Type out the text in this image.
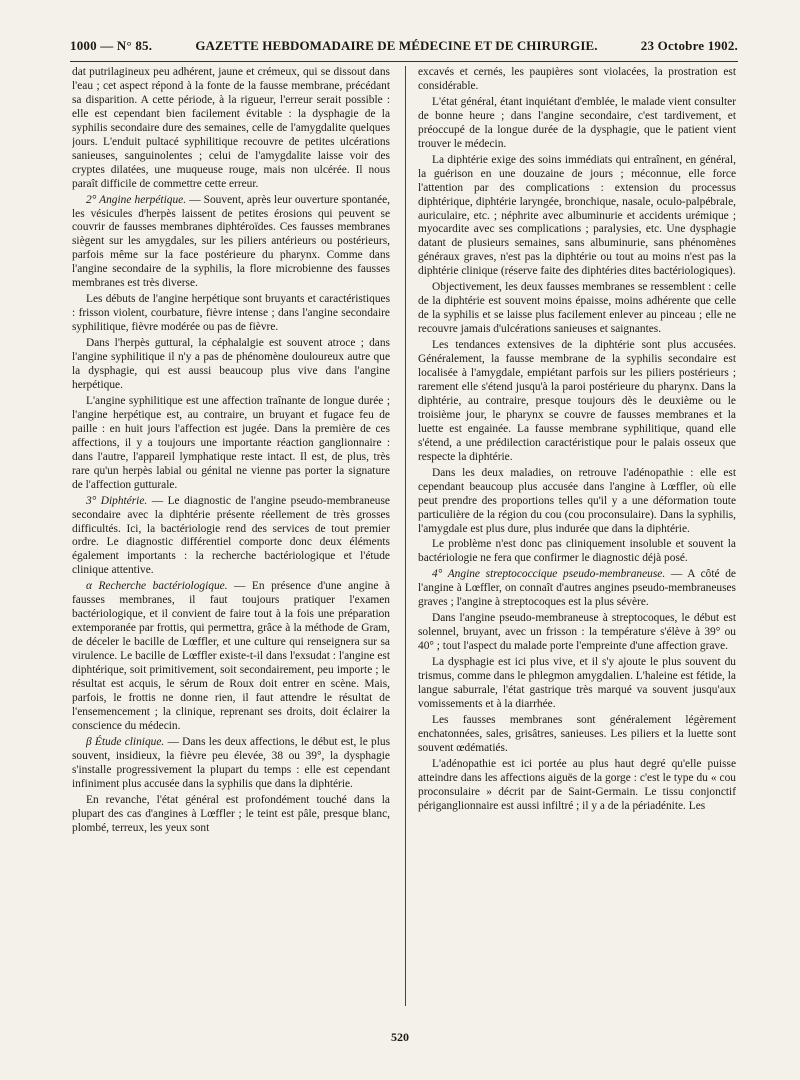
1000 — N° 85.	GAZETTE HEBDOMADAIRE DE MÉDECINE ET DE CHIRURGIE.	23 Octobre 1902.

dat putrilagineux peu adhérent, jaune et crémeux, qui se dissout dans l'eau ; cet aspect répond à la fonte de la fausse membrane, précédant sa disparition. A cette période, à la rigueur, l'erreur serait possible : elle est cependant bien facilement évitable : la dysphagie de la syphilis secondaire dure des semaines, celle de l'amygdalite quelques jours. L'enduit pultacé syphilitique recouvre de petites ulcérations sanieuses, sanguinolentes ; celui de l'amygdalite laisse voir des cryptes dilatées, une muqueuse rouge, mais non ulcérée. Il nous paraît difficile de commettre cette erreur.

2° Angine herpétique. — Souvent, après leur ouverture spontanée, les vésicules d'herpès laissent de petites érosions qui peuvent se couvrir de fausses membranes diphtéroïdes. Ces fausses membranes siègent sur les amygdales, sur les piliers antérieurs ou postérieurs, parfois même sur la face postérieure du pharynx. Comme dans l'angine secondaire de la syphilis, la flore microbienne des fausses membranes est très diverse.

Les débuts de l'angine herpétique sont bruyants et caractéristiques : frisson violent, courbature, fièvre intense ; dans l'angine secondaire syphilitique, fièvre modérée ou pas de fièvre.

Dans l'herpès guttural, la céphalalgie est souvent atroce ; dans l'angine syphilitique il n'y a pas de phénomène douloureux autre que la dysphagie, qui est aussi beaucoup plus vive dans l'angine herpétique.

L'angine syphilitique est une affection traînante de longue durée ; l'angine herpétique est, au contraire, un bruyant et fugace feu de paille : en huit jours l'affection est jugée. Dans la première de ces affections, il y a toujours une importante réaction ganglionnaire : dans l'autre, l'appareil lymphatique reste intact. Il est, de plus, très rare qu'un herpès labial ou génital ne vienne pas porter la signature de l'affection gutturale.

3° Diphtérie. — Le diagnostic de l'angine pseudo-membraneuse secondaire avec la diphtérie présente réellement de très grosses difficultés. Ici, la bactériologie rend des services de tout premier ordre. Le diagnostic différentiel comporte donc deux éléments également importants : la recherche bactériologique et l'étude clinique attentive.

α Recherche bactériologique. — En présence d'une angine à fausses membranes, il faut toujours pratiquer l'examen bactériologique, et il convient de faire tout à la fois une préparation extemporanée par frottis, qui permettra, grâce à la méthode de Gram, de déceler le bacille de Lœffler, et une culture qui renseignera sur sa virulence. Le bacille de Lœffler existe-t-il dans l'exsudat : l'angine est diphtérique, soit primitivement, soit secondairement, peu importe ; le résultat est acquis, le sérum de Roux doit entrer en scène. Mais, parfois, le frottis ne donne rien, il faut attendre le résultat de l'ensemencement ; la clinique, reprenant ses droits, doit éclairer la conscience du médecin.

β Étude clinique. — Dans les deux affections, le début est, le plus souvent, insidieux, la fièvre peu élevée, 38 ou 39°, la dysphagie s'installe progressivement la plupart du temps : elle est cependant infiniment plus accusée dans la syphilis que dans la diphtérie.

En revanche, l'état général est profondément touché dans la plupart des cas d'angines à Lœffler ; le teint est pâle, presque blanc, plombé, terreux, les yeux sont

excavés et cernés, les paupières sont violacées, la prostration est considérable.

L'état général, étant inquiétant d'emblée, le malade vient consulter de bonne heure ; dans l'angine secondaire, c'est tardivement, et préoccupé de la longue durée de la dysphagie, que le patient vient trouver le médecin.

La diphtérie exige des soins immédiats qui entraînent, en général, la guérison en une douzaine de jours ; méconnue, elle force l'attention par des complications : extension du processus diphtérique, diphtérie laryngée, bronchique, nasale, oculo-palpébrale, auriculaire, etc. ; néphrite avec albuminurie et accidents urémique ; myocardite avec ses complications ; paralysies, etc. Une dysphagie datant de plusieurs semaines, sans albuminurie, sans phénomènes généraux graves, n'est pas la diphtérie ou tout au moins n'est pas la diphtérie clinique (réserve faite des diphtéries dites bactériologiques).

Objectivement, les deux fausses membranes se ressemblent : celle de la diphtérie est souvent moins épaisse, moins adhérente que celle de la syphilis et se laisse plus facilement enlever au pinceau ; elle ne recouvre jamais d'ulcérations sanieuses et saignantes.

Les tendances extensives de la diphtérie sont plus accusées. Généralement, la fausse membrane de la syphilis secondaire est localisée à l'amygdale, empiétant parfois sur les piliers postérieurs ; rarement elle s'étend jusqu'à la paroi postérieure du pharynx. Dans la diphtérie, au contraire, presque toujours dès le deuxième ou le troisième jour, le pharynx se couvre de fausses membranes et la luette est engainée. La fausse membrane syphilitique, quand elle s'étend, a une prédilection caractéristique pour le palais osseux que respecte la diphtérie.

Dans les deux maladies, on retrouve l'adénopathie : elle est cependant beaucoup plus accusée dans l'angine à Lœffler, où elle peut prendre des proportions telles qu'il y a une déformation toute particulière de la région du cou (cou proconsulaire). Dans la syphilis, l'amygdale est plus dure, plus indurée que dans la diphtérie.

Le problème n'est donc pas cliniquement insoluble et souvent la bactériologie ne fera que confirmer le diagnostic déjà posé.

4° Angine streptococcique pseudo-membraneuse. — A côté de l'angine à Lœffler, on connaît d'autres angines pseudo-membraneuses graves ; l'angine à streptocoques est la plus sévère.

Dans l'angine pseudo-membraneuse à streptocoques, le début est solennel, bruyant, avec un frisson : la température s'élève à 39° ou 40° ; tout l'aspect du malade porte l'empreinte d'une affection grave.

La dysphagie est ici plus vive, et il s'y ajoute le plus souvent du trismus, comme dans le phlegmon amygdalien. L'haleine est fétide, la langue saburrale, l'état gastrique très marqué va souvent jusqu'aux vomissements et à la diarrhée.

Les fausses membranes sont généralement légèrement enchatonnées, sales, grisâtres, sanieuses. Les piliers et la luette sont souvent œdématiés.

L'adénopathie est ici portée au plus haut degré qu'elle puisse atteindre dans les affections aiguës de la gorge : c'est le type du « cou proconsulaire » décrit par de Saint-Germain. Le tissu conjonctif périganglionnaire est aussi infiltré ; il y a de la périadénite. Les

520
